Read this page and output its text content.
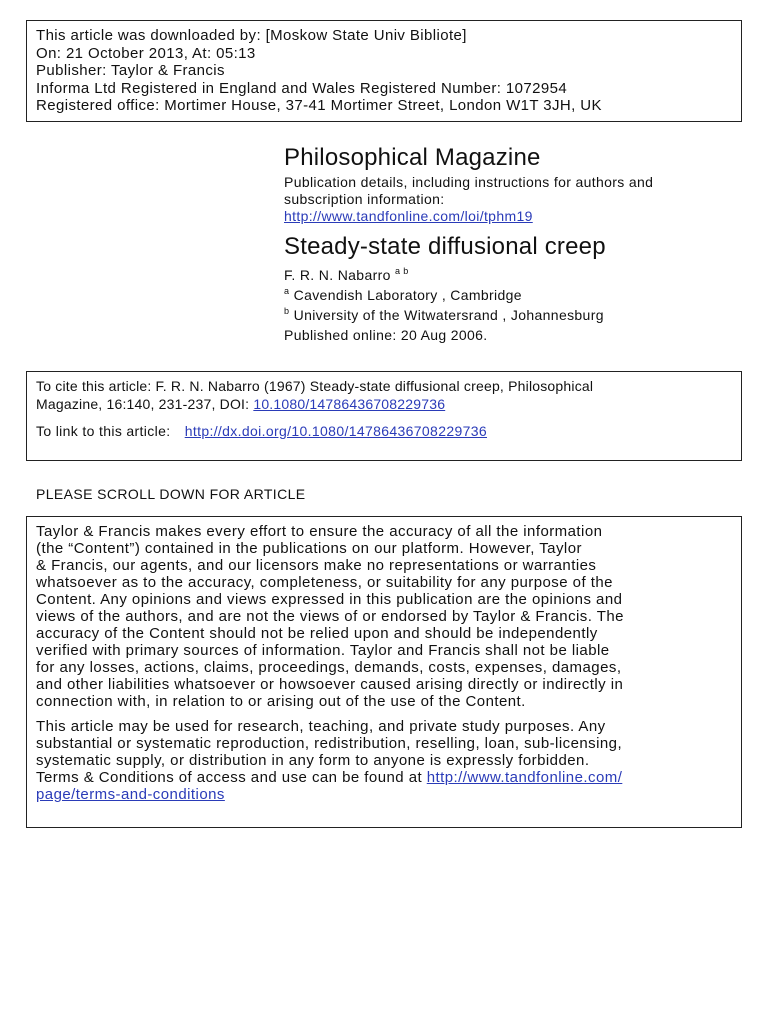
This article was downloaded by: [Moskow State Univ Bibliote]
On: 21 October 2013, At: 05:13
Publisher: Taylor & Francis
Informa Ltd Registered in England and Wales Registered Number: 1072954
Registered office: Mortimer House, 37-41 Mortimer Street, London W1T 3JH, UK
Philosophical Magazine
Publication details, including instructions for authors and
subscription information:
http://www.tandfonline.com/loi/tphm19
Steady-state diffusional creep
F. R. N. Nabarro $^{a b}$
$^a$ Cavendish Laboratory , Cambridge
$^b$ University of the Witwatersrand , Johannesburg
Published online: 20 Aug 2006.
To cite this article: F. R. N. Nabarro (1967) Steady-state diffusional creep, Philosophical
Magazine, 16:140, 231-237, DOI: 10.1080/14786436708229736
To link to this article: http://dx.doi.org/10.1080/14786436708229736
PLEASE SCROLL DOWN FOR ARTICLE

Taylor & Francis makes every effort to ensure the accuracy of all the information
(the “Content”) contained in the publications on our platform. However, Taylor
& Francis, our agents, and our licensors make no representations or warranties
whatsoever as to the accuracy, completeness, or suitability for any purpose of the
Content. Any opinions and views expressed in this publication are the opinions and
views of the authors, and are not the views of or endorsed by Taylor & Francis. The
accuracy of the Content should not be relied upon and should be independently
verified with primary sources of information. Taylor and Francis shall not be liable
for any losses, actions, claims, proceedings, demands, costs, expenses, damages,
and other liabilities whatsoever or howsoever caused arising directly or indirectly in
connection with, in relation to or arising out of the use of the Content.

This article may be used for research, teaching, and private study purposes. Any
substantial or systematic reproduction, redistribution, reselling, loan, sub-licensing,
systematic supply, or distribution in any form to anyone is expressly forbidden.
Terms & Conditions of access and use can be found at http://www.tandfonline.com/
page/terms-and-conditions
